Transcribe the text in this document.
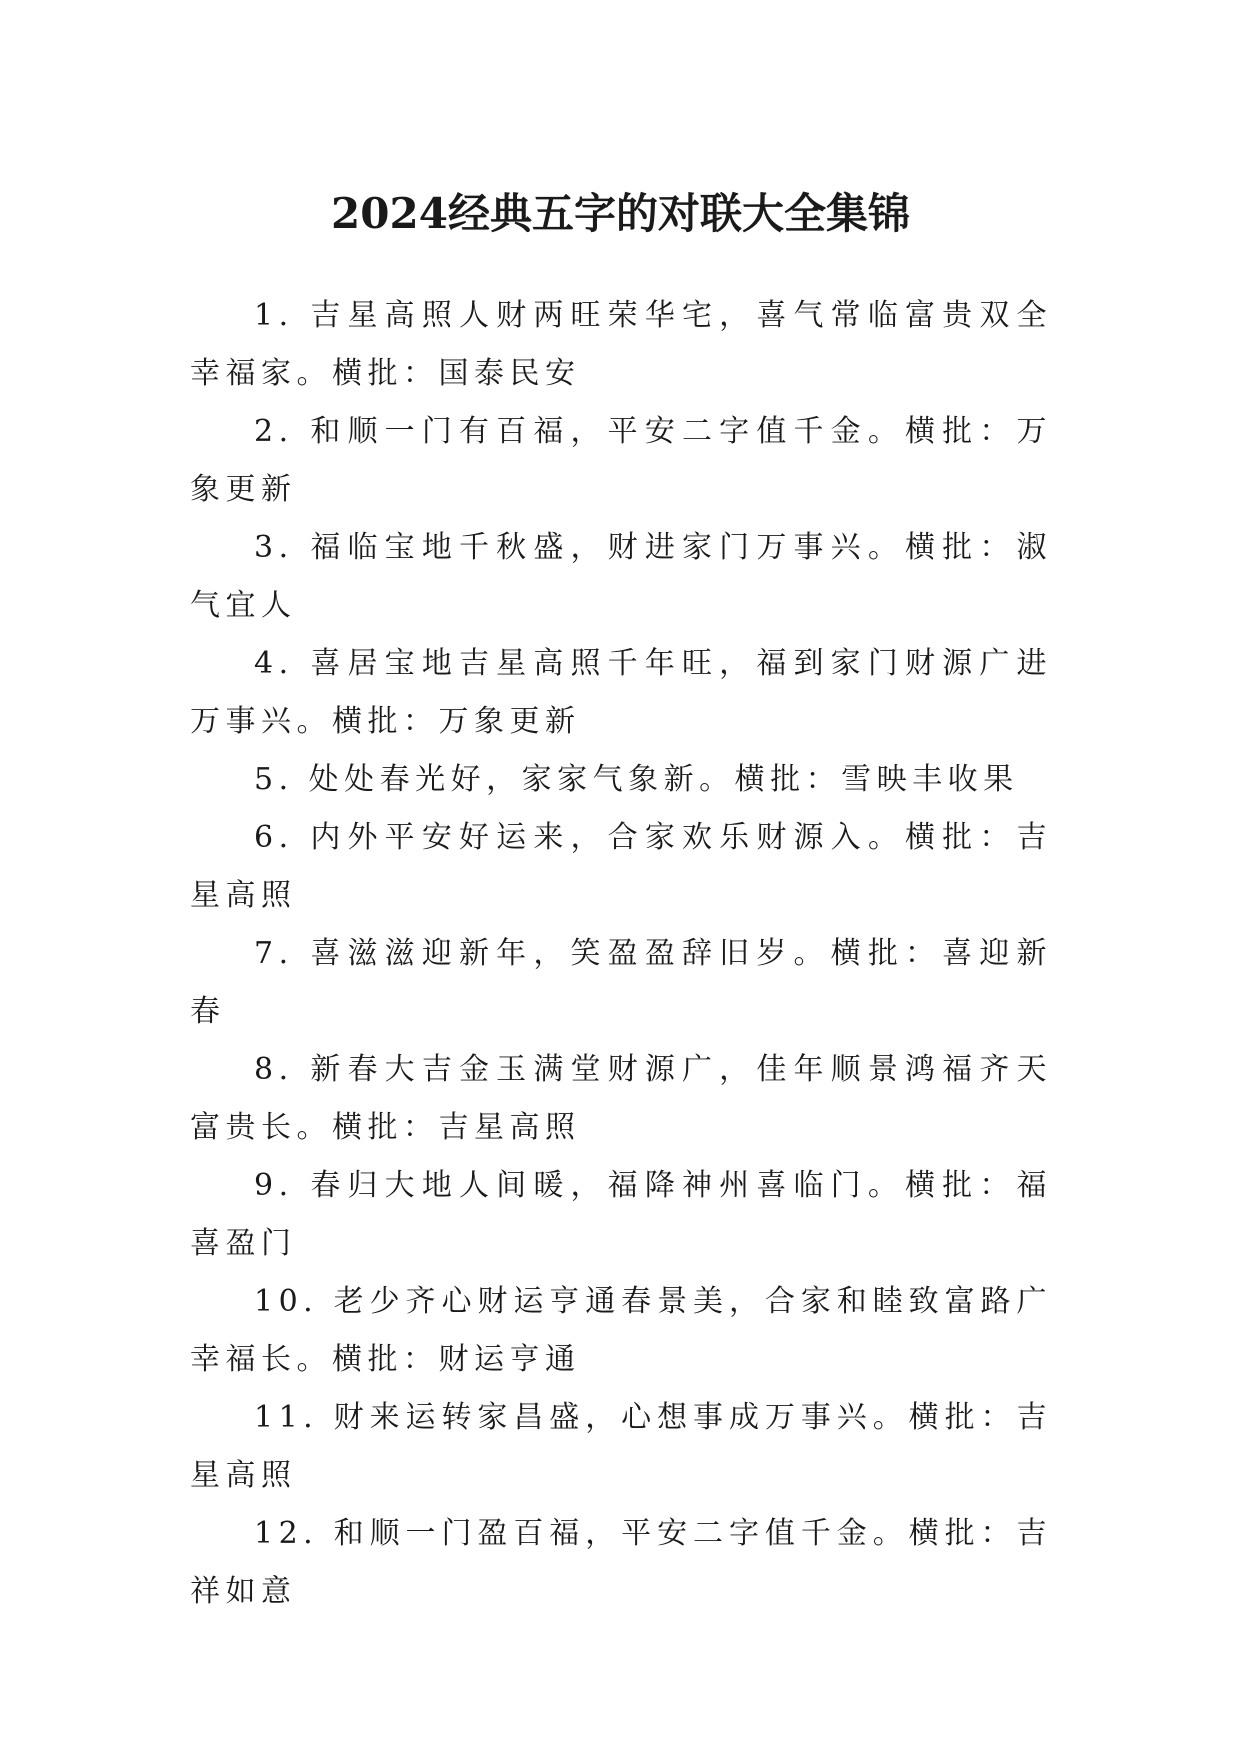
2024经典五字的对联大全集锦

1. 吉星高照人财两旺荣华宅，喜气常临富贵双全幸福家。横批：国泰民安

2. 和顺一门有百福，平安二字值千金。横批：万象更新

3. 福临宝地千秋盛，财进家门万事兴。横批：淑气宜人

4. 喜居宝地吉星高照千年旺，福到家门财源广进万事兴。横批：万象更新

5. 处处春光好，家家气象新。横批：雪映丰收果

6. 内外平安好运来，合家欢乐财源入。横批：吉星高照

7. 喜滋滋迎新年，笑盈盈辞旧岁。横批：喜迎新春

8. 新春大吉金玉满堂财源广，佳年顺景鸿福齐天富贵长。横批：吉星高照

9. 春归大地人间暖，福降神州喜临门。横批：福喜盈门

10. 老少齐心财运亨通春景美，合家和睦致富路广幸福长。横批：财运亨通

11. 财来运转家昌盛，心想事成万事兴。横批：吉星高照

12. 和顺一门盈百福，平安二字值千金。横批：吉祥如意
